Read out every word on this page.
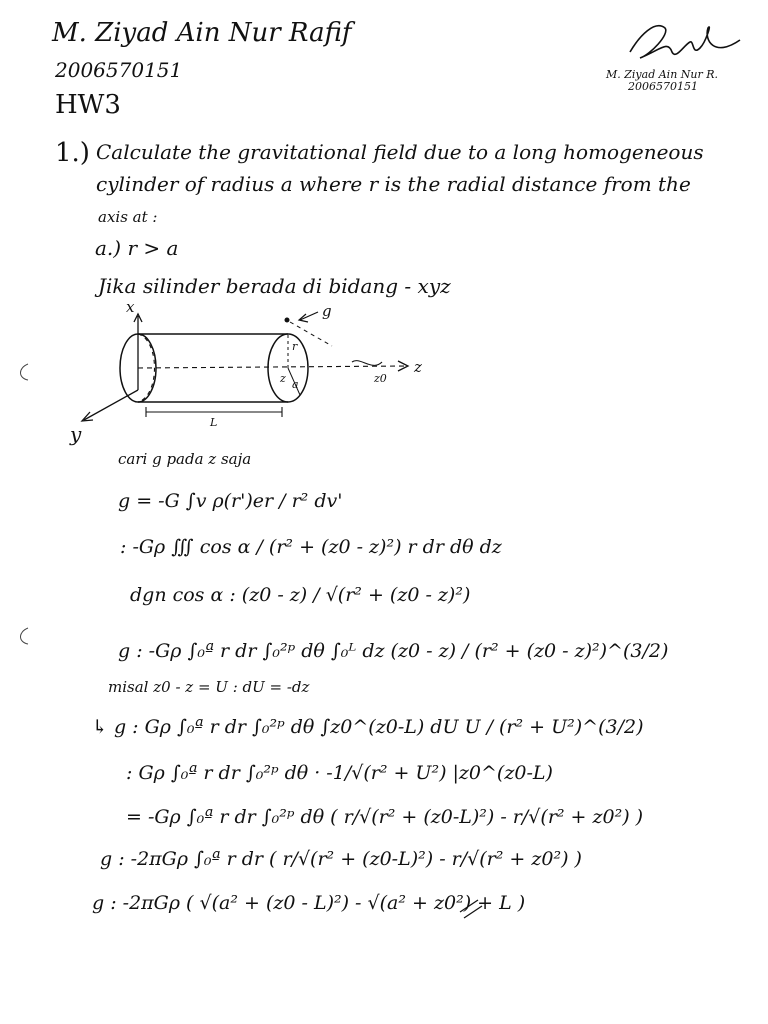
M. Ziyad Ain Nur Rafif
2006570151
HW3
M. Ziyad Ain Nur R.
2006570151
1.) Calculate the gravitational field due to a long homogeneous
cylinder of radius a where r is the radial distance from the
axis at :
a.) r > a
Jika silinder berada di bidang - xyz
x
y
z
g
r
a
z	z0
L
cari g pada z saja
g = -G ∫v ρ(r')er / r² dv'
: -Gρ ∭ cos α / (r² + (z0 - z)²) r dr dθ dz
dgn cos α : (z0 - z) / √(r² + (z0 - z)²)
g : -Gρ ∫₀ª r dr ∫₀²ᵖ dθ ∫₀ᴸ dz (z0 - z) / (r² + (z0 - z)²)^(3/2)
misal z0 - z = U : dU = -dz
↳ g : Gρ ∫₀ª r dr ∫₀²ᵖ dθ ∫z0^(z0-L) dU U / (r² + U²)^(3/2)
: Gρ ∫₀ª r dr ∫₀²ᵖ dθ · -1/√(r² + U²) |z0^(z0-L)
= -Gρ ∫₀ª r dr ∫₀²ᵖ dθ ( r/√(r² + (z0-L)²) - r/√(r² + z0²) )
g : -2πGρ ∫₀ª r dr ( r/√(r² + (z0-L)²) - r/√(r² + z0²) )
g : -2πGρ ( √(a² + (z0 - L)²) - √(a² + z0²) + L )
